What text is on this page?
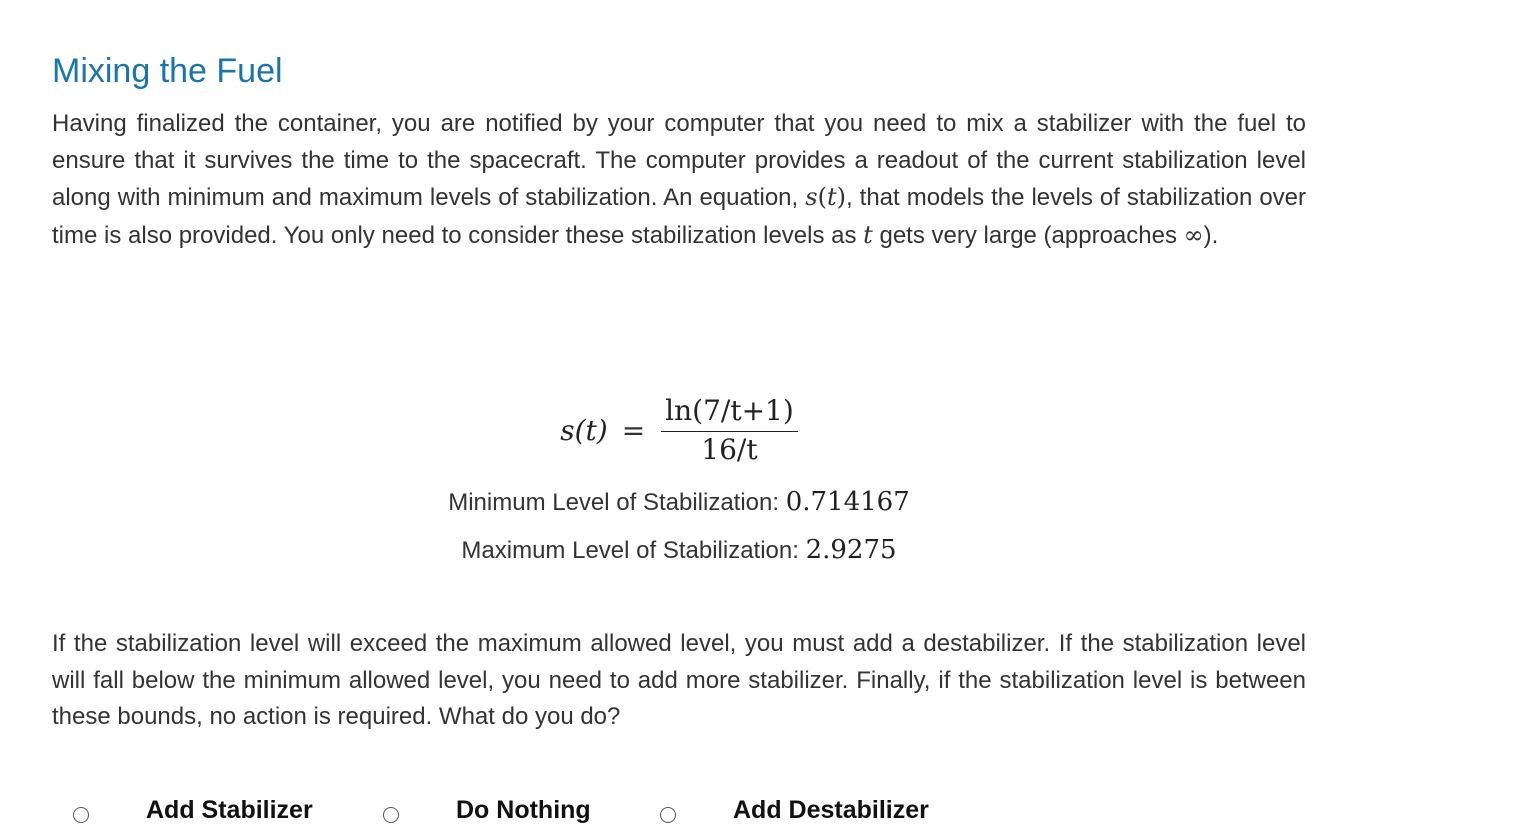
Mixing the Fuel

Having finalized the container, you are notified by your computer that you need to mix a stabilizer with the fuel to ensure that it survives the time to the spacecraft. The computer provides a readout of the current stabilization level along with minimum and maximum levels of stabilization. An equation, s(t), that models the levels of stabilization over time is also provided. You only need to consider these stabilization levels as t gets very large (approaches ∞).

$s(t) = \frac{\ln(7/t+1)}{16/t}$
Minimum Level of Stabilization: 0.714167
Maximum Level of Stabilization: 2.9275

If the stabilization level will exceed the maximum allowed level, you must add a destabilizer. If the stabilization level will fall below the minimum allowed level, you need to add more stabilizer. Finally, if the stabilization level is between these bounds, no action is required. What do you do?

Add Stabilizer	Do Nothing	Add Destabilizer
